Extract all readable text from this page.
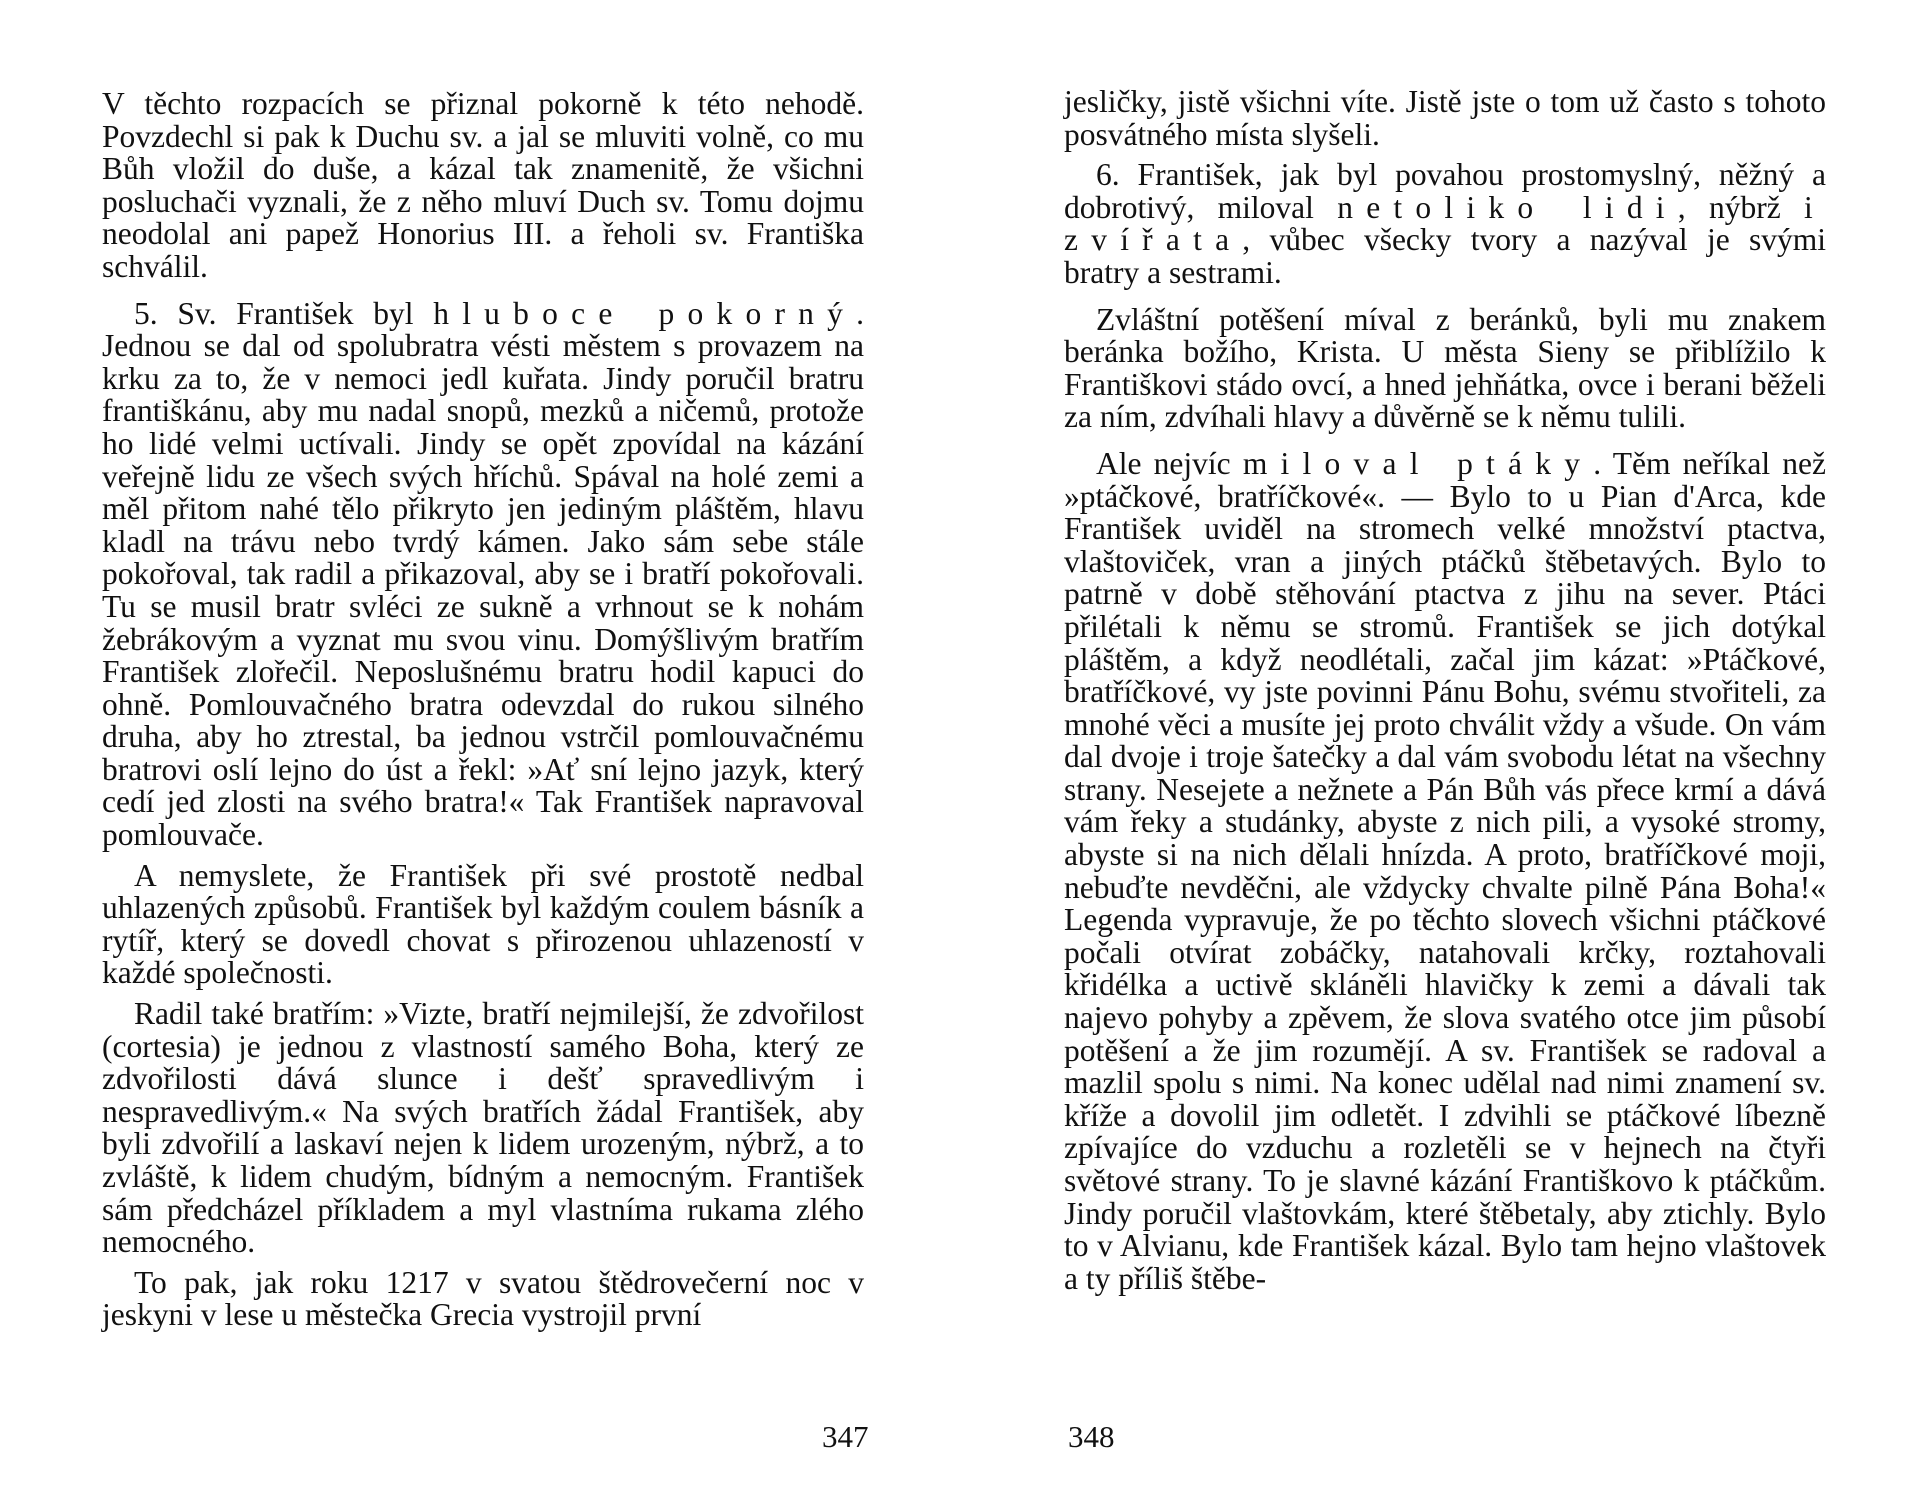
V těchto rozpacích se přiznal pokorně k této nehodě. Povzdechl si pak k Duchu sv. a jal se mluviti volně, co mu Bůh vložil do duše, a kázal tak znamenitě, že všichni posluchači vyznali, že z něho mluví Duch sv. Tomu dojmu neodolal ani papež Honorius III. a řeholi sv. Františka schválil.

5. Sv. František byl hluboce pokorný. Jednou se dal od spolubratra vésti městem s provazem na krku za to, že v nemoci jedl kuřata. Jindy poručil bratru františkánu, aby mu nadal snopů, mezků a ničemů, protože ho lidé velmi uctívali. Jindy se opět zpovídal na kázání veřejně lidu ze všech svých hříchů. Spával na holé zemi a měl přitom nahé tělo přikryto jen jediným pláštěm, hlavu kladl na trávu nebo tvrdý kámen. Jako sám sebe stále pokořoval, tak radil a přikazoval, aby se i bratří pokořovali. Tu se musil bratr svléci ze sukně a vrhnout se k nohám žebrákovým a vyznat mu svou vinu. Domýšlivým bratřím František zlořečil. Neposlušnému bratru hodil kapuci do ohně. Pomlouvačného bratra odevzdal do rukou silného druha, aby ho ztrestal, ba jednou vstrčil pomlouvačnému bratrovi oslí lejno do úst a řekl: »Ať sní lejno jazyk, který cedí jed zlosti na svého bratra!« Tak František napravoval pomlouvače.

A nemyslete, že František při své prostotě nedbal uhlazených způsobů. František byl každým coulem básník a rytíř, který se dovedl chovat s přirozenou uhlazeností v každé společnosti.

Radil také bratřím: »Vizte, bratří nejmilejší, že zdvořilost (cortesia) je jednou z vlastností samého Boha, který ze zdvořilosti dává slunce i dešť spravedlivým i nespravedlivým.« Na svých bratřích žádal František, aby byli zdvořilí a laskaví nejen k lidem urozeným, nýbrž, a to zvláště, k lidem chudým, bídným a nemocným. František sám předcházel příkladem a myl vlastníma rukama zlého nemocného.

To pak, jak roku 1217 v svatou štědrovečerní noc v jeskyni v lese u městečka Grecia vystrojil první

347

jesličky, jistě všichni víte. Jistě jste o tom už často s tohoto posvátného místa slyšeli.

6. František, jak byl povahou prostomyslný, něžný a dobrotivý, miloval netoliko lidi, nýbrž i zvířata, vůbec všecky tvory a nazýval je svými bratry a sestrami.

Zvláštní potěšení míval z beránků, byli mu znakem beránka božího, Krista. U města Sieny se přiblížilo k Františkovi stádo ovcí, a hned jehňátka, ovce i berani běželi za ním, zdvíhali hlavy a důvěrně se k němu tulili.

Ale nejvíc miloval ptáky. Těm neříkal než »ptáčkové, bratříčkové«. — Bylo to u Pian d'Arca, kde František uviděl na stromech velké množství ptactva, vlaštoviček, vran a jiných ptáčků štěbetavých. Bylo to patrně v době stěhování ptactva z jihu na sever. Ptáci přilétali k němu se stromů. František se jich dotýkal pláštěm, a když neodlétali, začal jim kázat: »Ptáčkové, bratříčkové, vy jste povinni Pánu Bohu, svému stvořiteli, za mnohé věci a musíte jej proto chválit vždy a všude. On vám dal dvoje i troje šatečky a dal vám svobodu létat na všechny strany. Nesejete a nežnete a Pán Bůh vás přece krmí a dává vám řeky a studánky, abyste z nich pili, a vysoké stromy, abyste si na nich dělali hnízda. A proto, bratříčkové moji, nebuďte nevděčni, ale vždycky chvalte pilně Pána Boha!« Legenda vypravuje, že po těchto slovech všichni ptáčkové počali otvírat zobáčky, natahovali krčky, roztahovali křidélka a uctivě skláněli hlavičky k zemi a dávali tak najevo pohyby a zpěvem, že slova svatého otce jim působí potěšení a že jim rozumějí. A sv. František se radoval a mazlil spolu s nimi. Na konec udělal nad nimi znamení sv. kříže a dovolil jim odletět. I zdvihli se ptáčkové líbezně zpívajíce do vzduchu a rozletěli se v hejnech na čtyři světové strany. To je slavné kázání Františkovo k ptáčkům. Jindy poručil vlaštovkám, které štěbetaly, aby ztichly. Bylo to v Alvianu, kde František kázal. Bylo tam hejno vlaštovek a ty příliš štěbe-

348
